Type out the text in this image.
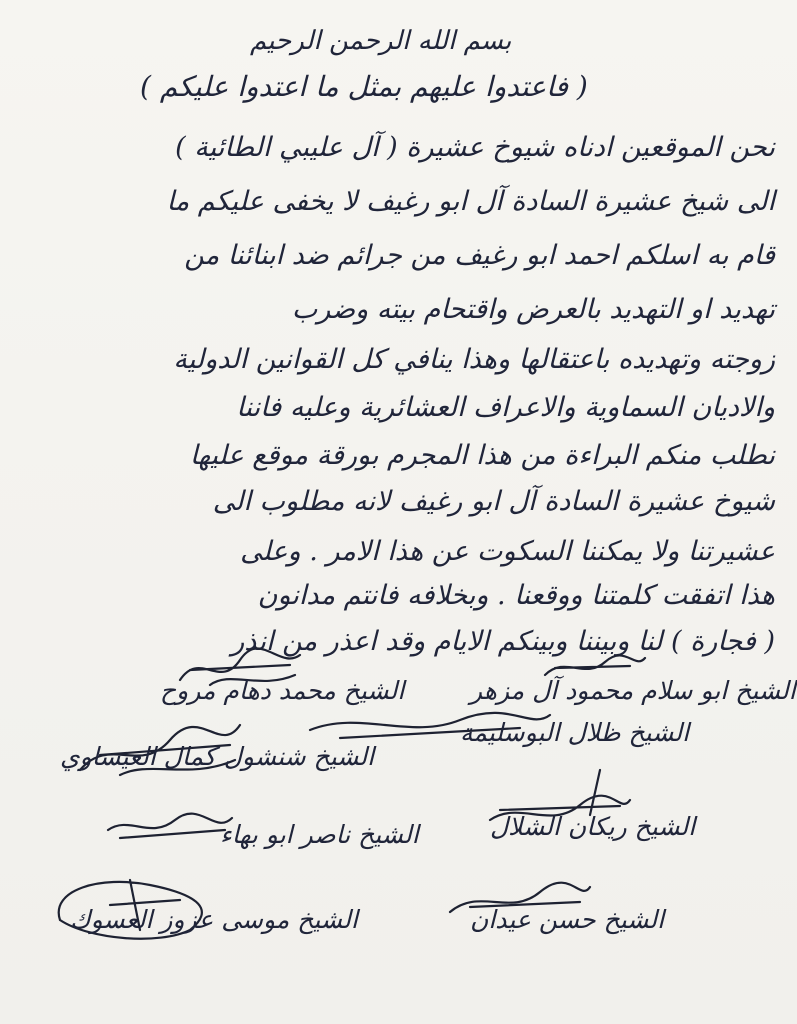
بسم الله الرحمن الرحيم
( فاعتدوا عليهم بمثل ما اعتدوا عليكم )
نحن الموقعين ادناه شيوخ عشيرة ( آل عليبي الطائية )
الى شيخ عشيرة السادة آل ابو رغيف لا يخفى عليكم ما
قام به اسلكم احمد ابو رغيف من جرائم ضد ابنائنا من
تهديد او التهديد بالعرض واقتحام بيته وضرب
زوجته وتهديده باعتقالها وهذا ينافي كل القوانين الدولية
والاديان السماوية والاعراف العشائرية وعليه فاننا
نطلب منكم البراءة من هذا المجرم بورقة موقع عليها
شيوخ عشيرة السادة آل ابو رغيف لانه مطلوب الى
عشيرتنا ولا يمكننا السكوت عن هذا الامر . وعلى
هذا اتفقت كلمتنا ووقعنا . وبخلافه فانتم مدانون
( فجارة ) لنا وبيننا وبينكم الايام وقد اعذر من انذر
الشيخ محمد دهام مروح	الشيخ ابو سلام محمود آل مزهر
الشيخ شنشول كمال العيساوي
الشيخ ظلال البوسليمة
الشيخ ناصر ابو بهاء	الشيخ ريكان الشلال
الشيخ موسى عزوز العسوك	الشيخ حسن عيدان
